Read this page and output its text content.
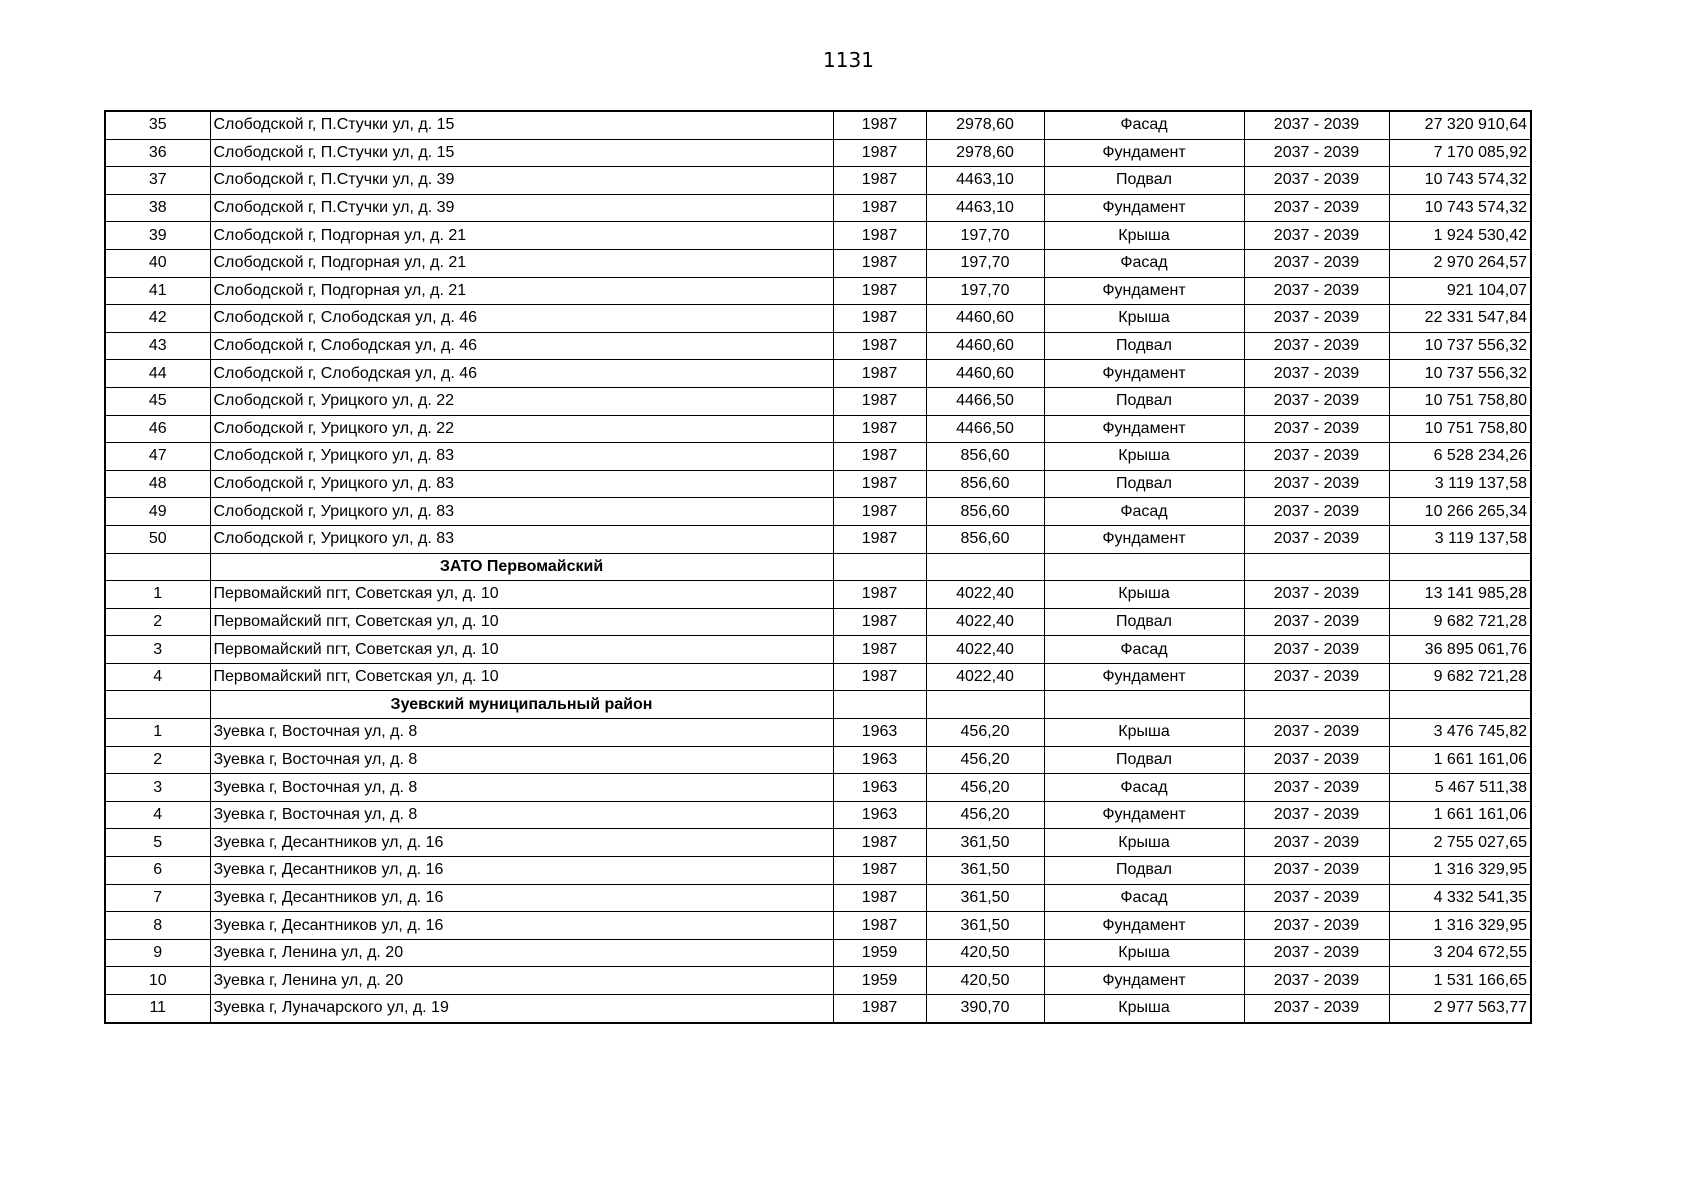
1131
35	Слободской г, П.Стучки ул, д. 15	1987	2978,60	Фасад	2037 - 2039	27 320 910,64
36	Слободской г, П.Стучки ул, д. 15	1987	2978,60	Фундамент	2037 - 2039	7 170 085,92
37	Слободской г, П.Стучки ул, д. 39	1987	4463,10	Подвал	2037 - 2039	10 743 574,32
38	Слободской г, П.Стучки ул, д. 39	1987	4463,10	Фундамент	2037 - 2039	10 743 574,32
39	Слободской г, Подгорная ул, д. 21	1987	197,70	Крыша	2037 - 2039	1 924 530,42
40	Слободской г, Подгорная ул, д. 21	1987	197,70	Фасад	2037 - 2039	2 970 264,57
41	Слободской г, Подгорная ул, д. 21	1987	197,70	Фундамент	2037 - 2039	921 104,07
42	Слободской г, Слободская ул, д. 46	1987	4460,60	Крыша	2037 - 2039	22 331 547,84
43	Слободской г, Слободская ул, д. 46	1987	4460,60	Подвал	2037 - 2039	10 737 556,32
44	Слободской г, Слободская ул, д. 46	1987	4460,60	Фундамент	2037 - 2039	10 737 556,32
45	Слободской г, Урицкого ул, д. 22	1987	4466,50	Подвал	2037 - 2039	10 751 758,80
46	Слободской г, Урицкого ул, д. 22	1987	4466,50	Фундамент	2037 - 2039	10 751 758,80
47	Слободской г, Урицкого ул, д. 83	1987	856,60	Крыша	2037 - 2039	6 528 234,26
48	Слободской г, Урицкого ул, д. 83	1987	856,60	Подвал	2037 - 2039	3 119 137,58
49	Слободской г, Урицкого ул, д. 83	1987	856,60	Фасад	2037 - 2039	10 266 265,34
50	Слободской г, Урицкого ул, д. 83	1987	856,60	Фундамент	2037 - 2039	3 119 137,58
	ЗАТО Первомайский					
1	Первомайский пгт, Советская ул, д. 10	1987	4022,40	Крыша	2037 - 2039	13 141 985,28
2	Первомайский пгт, Советская ул, д. 10	1987	4022,40	Подвал	2037 - 2039	9 682 721,28
3	Первомайский пгт, Советская ул, д. 10	1987	4022,40	Фасад	2037 - 2039	36 895 061,76
4	Первомайский пгт, Советская ул, д. 10	1987	4022,40	Фундамент	2037 - 2039	9 682 721,28
	Зуевский муниципальный район					
1	Зуевка г, Восточная ул, д. 8	1963	456,20	Крыша	2037 - 2039	3 476 745,82
2	Зуевка г, Восточная ул, д. 8	1963	456,20	Подвал	2037 - 2039	1 661 161,06
3	Зуевка г, Восточная ул, д. 8	1963	456,20	Фасад	2037 - 2039	5 467 511,38
4	Зуевка г, Восточная ул, д. 8	1963	456,20	Фундамент	2037 - 2039	1 661 161,06
5	Зуевка г, Десантников ул, д. 16	1987	361,50	Крыша	2037 - 2039	2 755 027,65
6	Зуевка г, Десантников ул, д. 16	1987	361,50	Подвал	2037 - 2039	1 316 329,95
7	Зуевка г, Десантников ул, д. 16	1987	361,50	Фасад	2037 - 2039	4 332 541,35
8	Зуевка г, Десантников ул, д. 16	1987	361,50	Фундамент	2037 - 2039	1 316 329,95
9	Зуевка г, Ленина ул, д. 20	1959	420,50	Крыша	2037 - 2039	3 204 672,55
10	Зуевка г, Ленина ул, д. 20	1959	420,50	Фундамент	2037 - 2039	1 531 166,65
11	Зуевка г, Луначарского ул, д. 19	1987	390,70	Крыша	2037 - 2039	2 977 563,77
